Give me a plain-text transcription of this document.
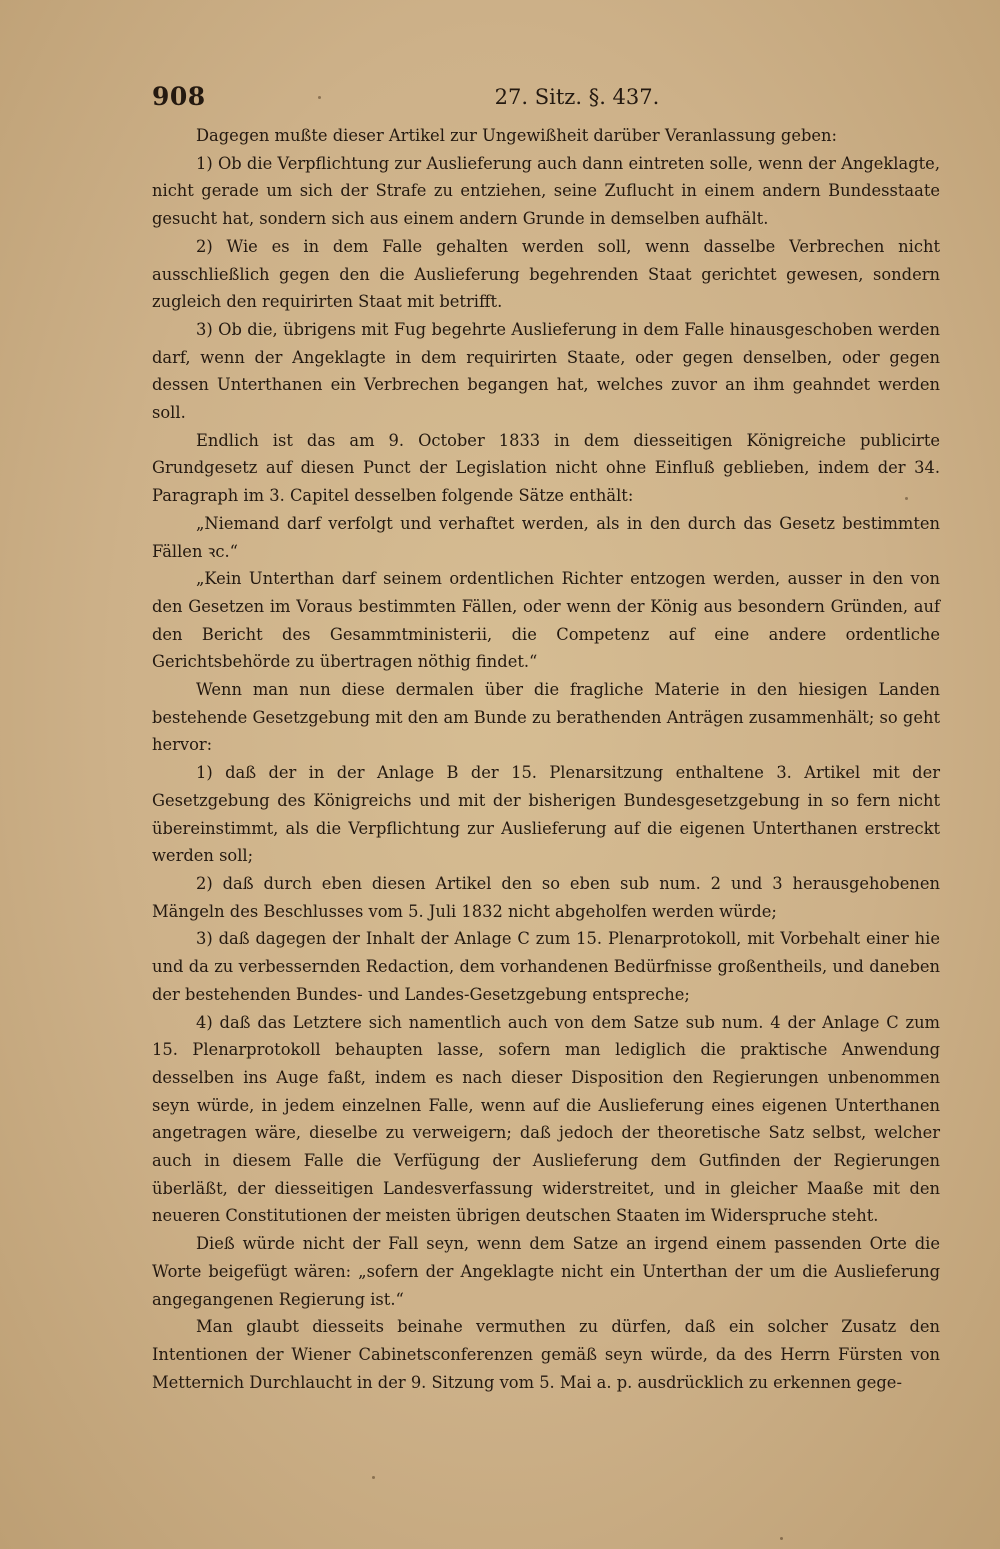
908	27. Sitz. §. 437.

Dagegen mußte dieser Artikel zur Ungewißheit darüber Veranlassung geben:

1) Ob die Verpflichtung zur Auslieferung auch dann eintreten solle, wenn der Angeklagte, nicht gerade um sich der Strafe zu entziehen, seine Zuflucht in einem andern Bundesstaate gesucht hat, sondern sich aus einem andern Grunde in demselben aufhält.

2) Wie es in dem Falle gehalten werden soll, wenn dasselbe Verbrechen nicht ausschließlich gegen den die Auslieferung begehrenden Staat gerichtet gewesen, sondern zugleich den requirirten Staat mit betrifft.

3) Ob die, übrigens mit Fug begehrte Auslieferung in dem Falle hinausgeschoben werden darf, wenn der Angeklagte in dem requirirten Staate, oder gegen denselben, oder gegen dessen Unterthanen ein Verbrechen begangen hat, welches zuvor an ihm geahndet werden soll.

Endlich ist das am 9. October 1833 in dem diesseitigen Königreiche publicirte Grundgesetz auf diesen Punct der Legislation nicht ohne Einfluß geblieben, indem der 34. Paragraph im 3. Capitel desselben folgende Sätze enthält:

„Niemand darf verfolgt und verhaftet werden, als in den durch das Gesetz bestimmten Fällen ꝛc.“

„Kein Unterthan darf seinem ordentlichen Richter entzogen werden, ausser in den von den Gesetzen im Voraus bestimmten Fällen, oder wenn der König aus besondern Gründen, auf den Bericht des Gesammtministerii, die Competenz auf eine andere ordentliche Gerichtsbehörde zu übertragen nöthig findet.“

Wenn man nun diese dermalen über die fragliche Materie in den hiesigen Landen bestehende Gesetzgebung mit den am Bunde zu berathenden Anträgen zusammenhält; so geht hervor:

1) daß der in der Anlage B der 15. Plenarsitzung enthaltene 3. Artikel mit der Gesetzgebung des Königreichs und mit der bisherigen Bundesgesetzgebung in so fern nicht übereinstimmt, als die Verpflichtung zur Auslieferung auf die eigenen Unterthanen erstreckt werden soll;

2) daß durch eben diesen Artikel den so eben sub num. 2 und 3 herausgehobenen Mängeln des Beschlusses vom 5. Juli 1832 nicht abgeholfen werden würde;

3) daß dagegen der Inhalt der Anlage C zum 15. Plenarprotokoll, mit Vorbehalt einer hie und da zu verbessernden Redaction, dem vorhandenen Bedürfnisse großentheils, und daneben der bestehenden Bundes- und Landes-Gesetzgebung entspreche;

4) daß das Letztere sich namentlich auch von dem Satze sub num. 4 der Anlage C zum 15. Plenarprotokoll behaupten lasse, sofern man lediglich die praktische Anwendung desselben ins Auge faßt, indem es nach dieser Disposition den Regierungen unbenommen seyn würde, in jedem einzelnen Falle, wenn auf die Auslieferung eines eigenen Unterthanen angetragen wäre, dieselbe zu verweigern; daß jedoch der theoretische Satz selbst, welcher auch in diesem Falle die Verfügung der Auslieferung dem Gutfinden der Regierungen überläßt, der diesseitigen Landesverfassung widerstreitet, und in gleicher Maaße mit den neueren Constitutionen der meisten übrigen deutschen Staaten im Widerspruche steht.

Dieß würde nicht der Fall seyn, wenn dem Satze an irgend einem passenden Orte die Worte beigefügt wären: „sofern der Angeklagte nicht ein Unterthan der um die Auslieferung angegangenen Regierung ist.“

Man glaubt diesseits beinahe vermuthen zu dürfen, daß ein solcher Zusatz den Intentionen der Wiener Cabinetsconferenzen gemäß seyn würde, da des Herrn Fürsten von Metternich Durchlaucht in der 9. Sitzung vom 5. Mai a. p. ausdrücklich zu erkennen gege-
